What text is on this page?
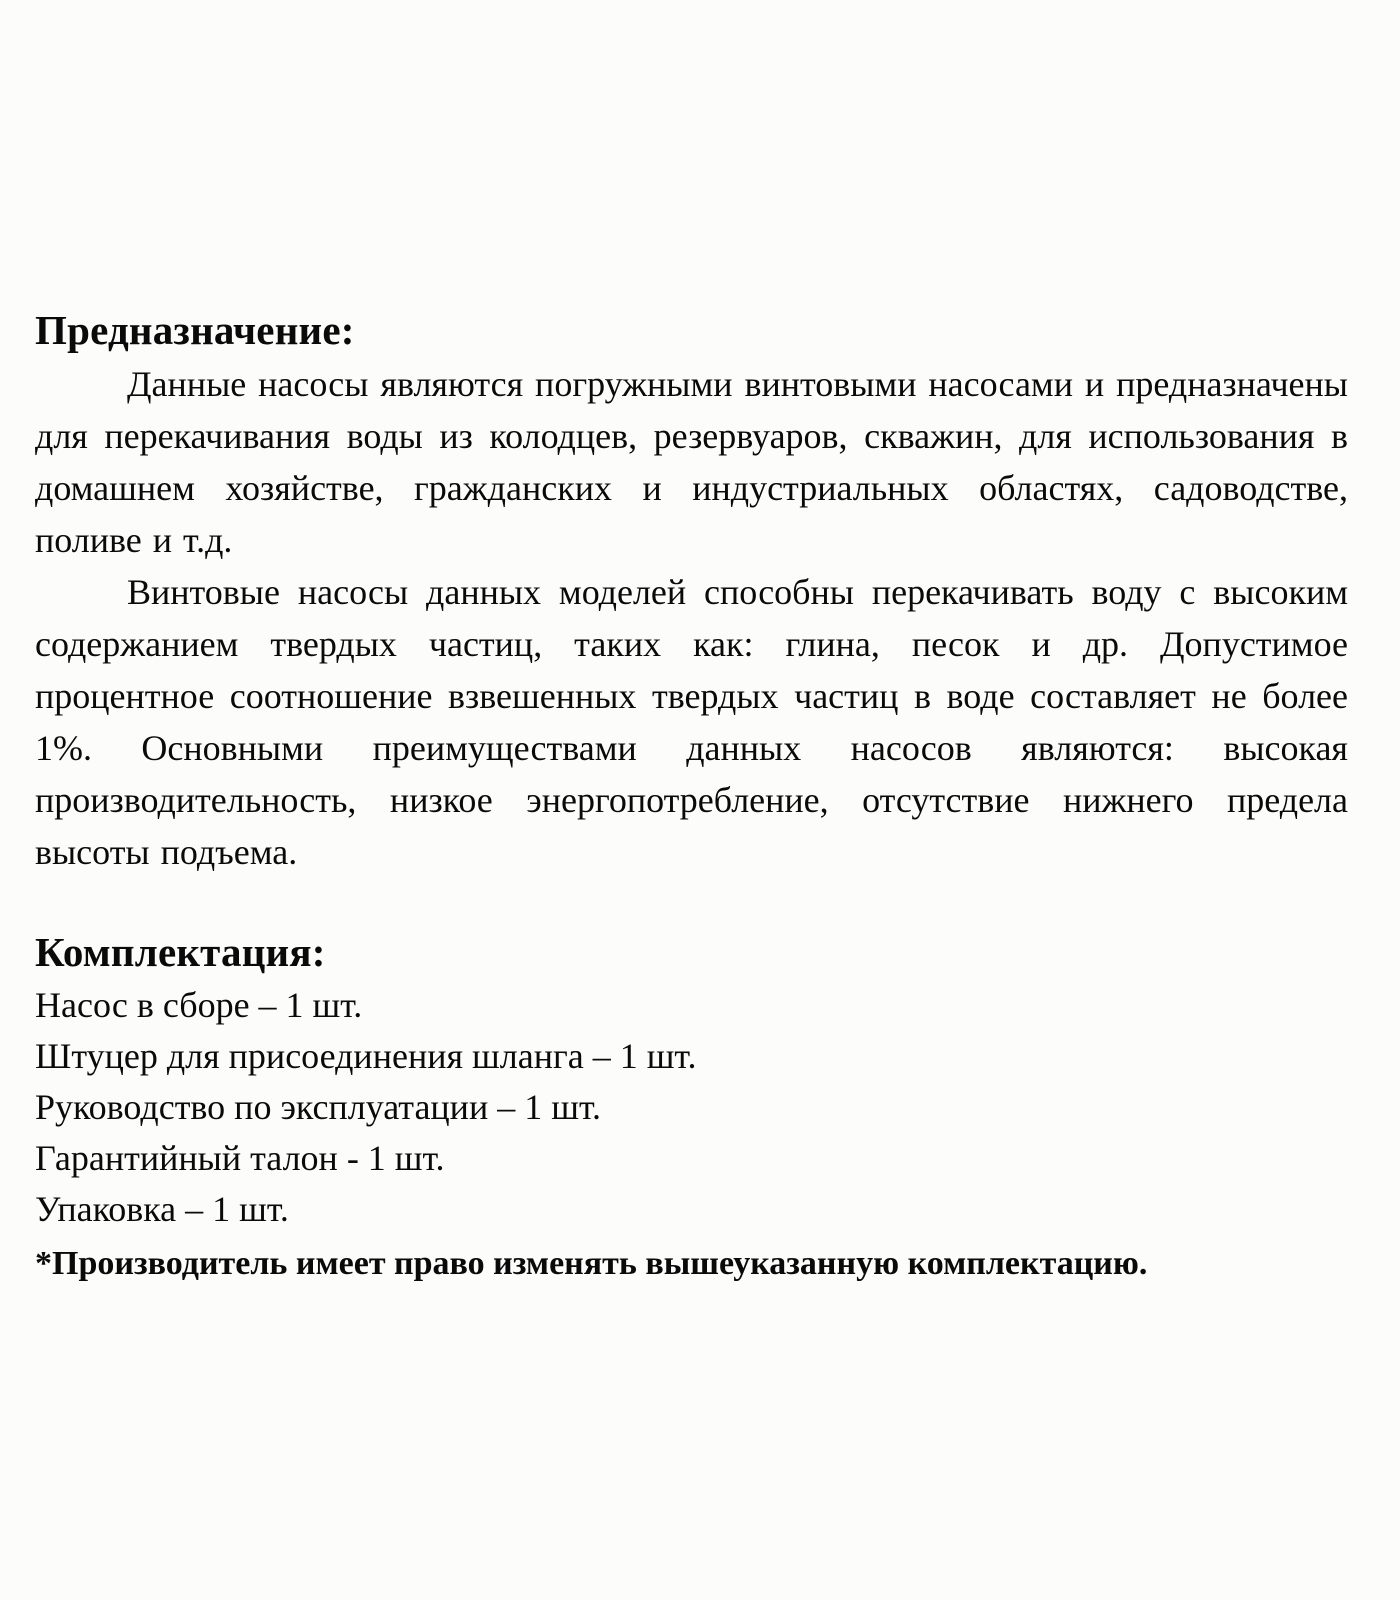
Предназначение:

Данные насосы являются погружными винтовыми насосами и предназначены для перекачивания воды из колодцев, резервуаров, скважин, для использования в домашнем хозяйстве, гражданских и индустриальных областях, садоводстве, поливе и т.д.

Винтовые насосы данных моделей способны перекачивать воду с высоким содержанием твердых частиц, таких как: глина, песок и др. Допустимое процентное соотношение взвешенных твердых частиц в воде составляет не более 1%. Основными преимуществами данных насосов являются: высокая производительность, низкое энергопотребление, отсутствие нижнего предела высоты подъема.

Комплектация:
Насос в сборе – 1 шт.
Штуцер для присоединения шланга – 1 шт.
Руководство по эксплуатации – 1 шт.
Гарантийный талон - 1 шт.
Упаковка – 1 шт.

*Производитель имеет право изменять вышеуказанную комплектацию.
